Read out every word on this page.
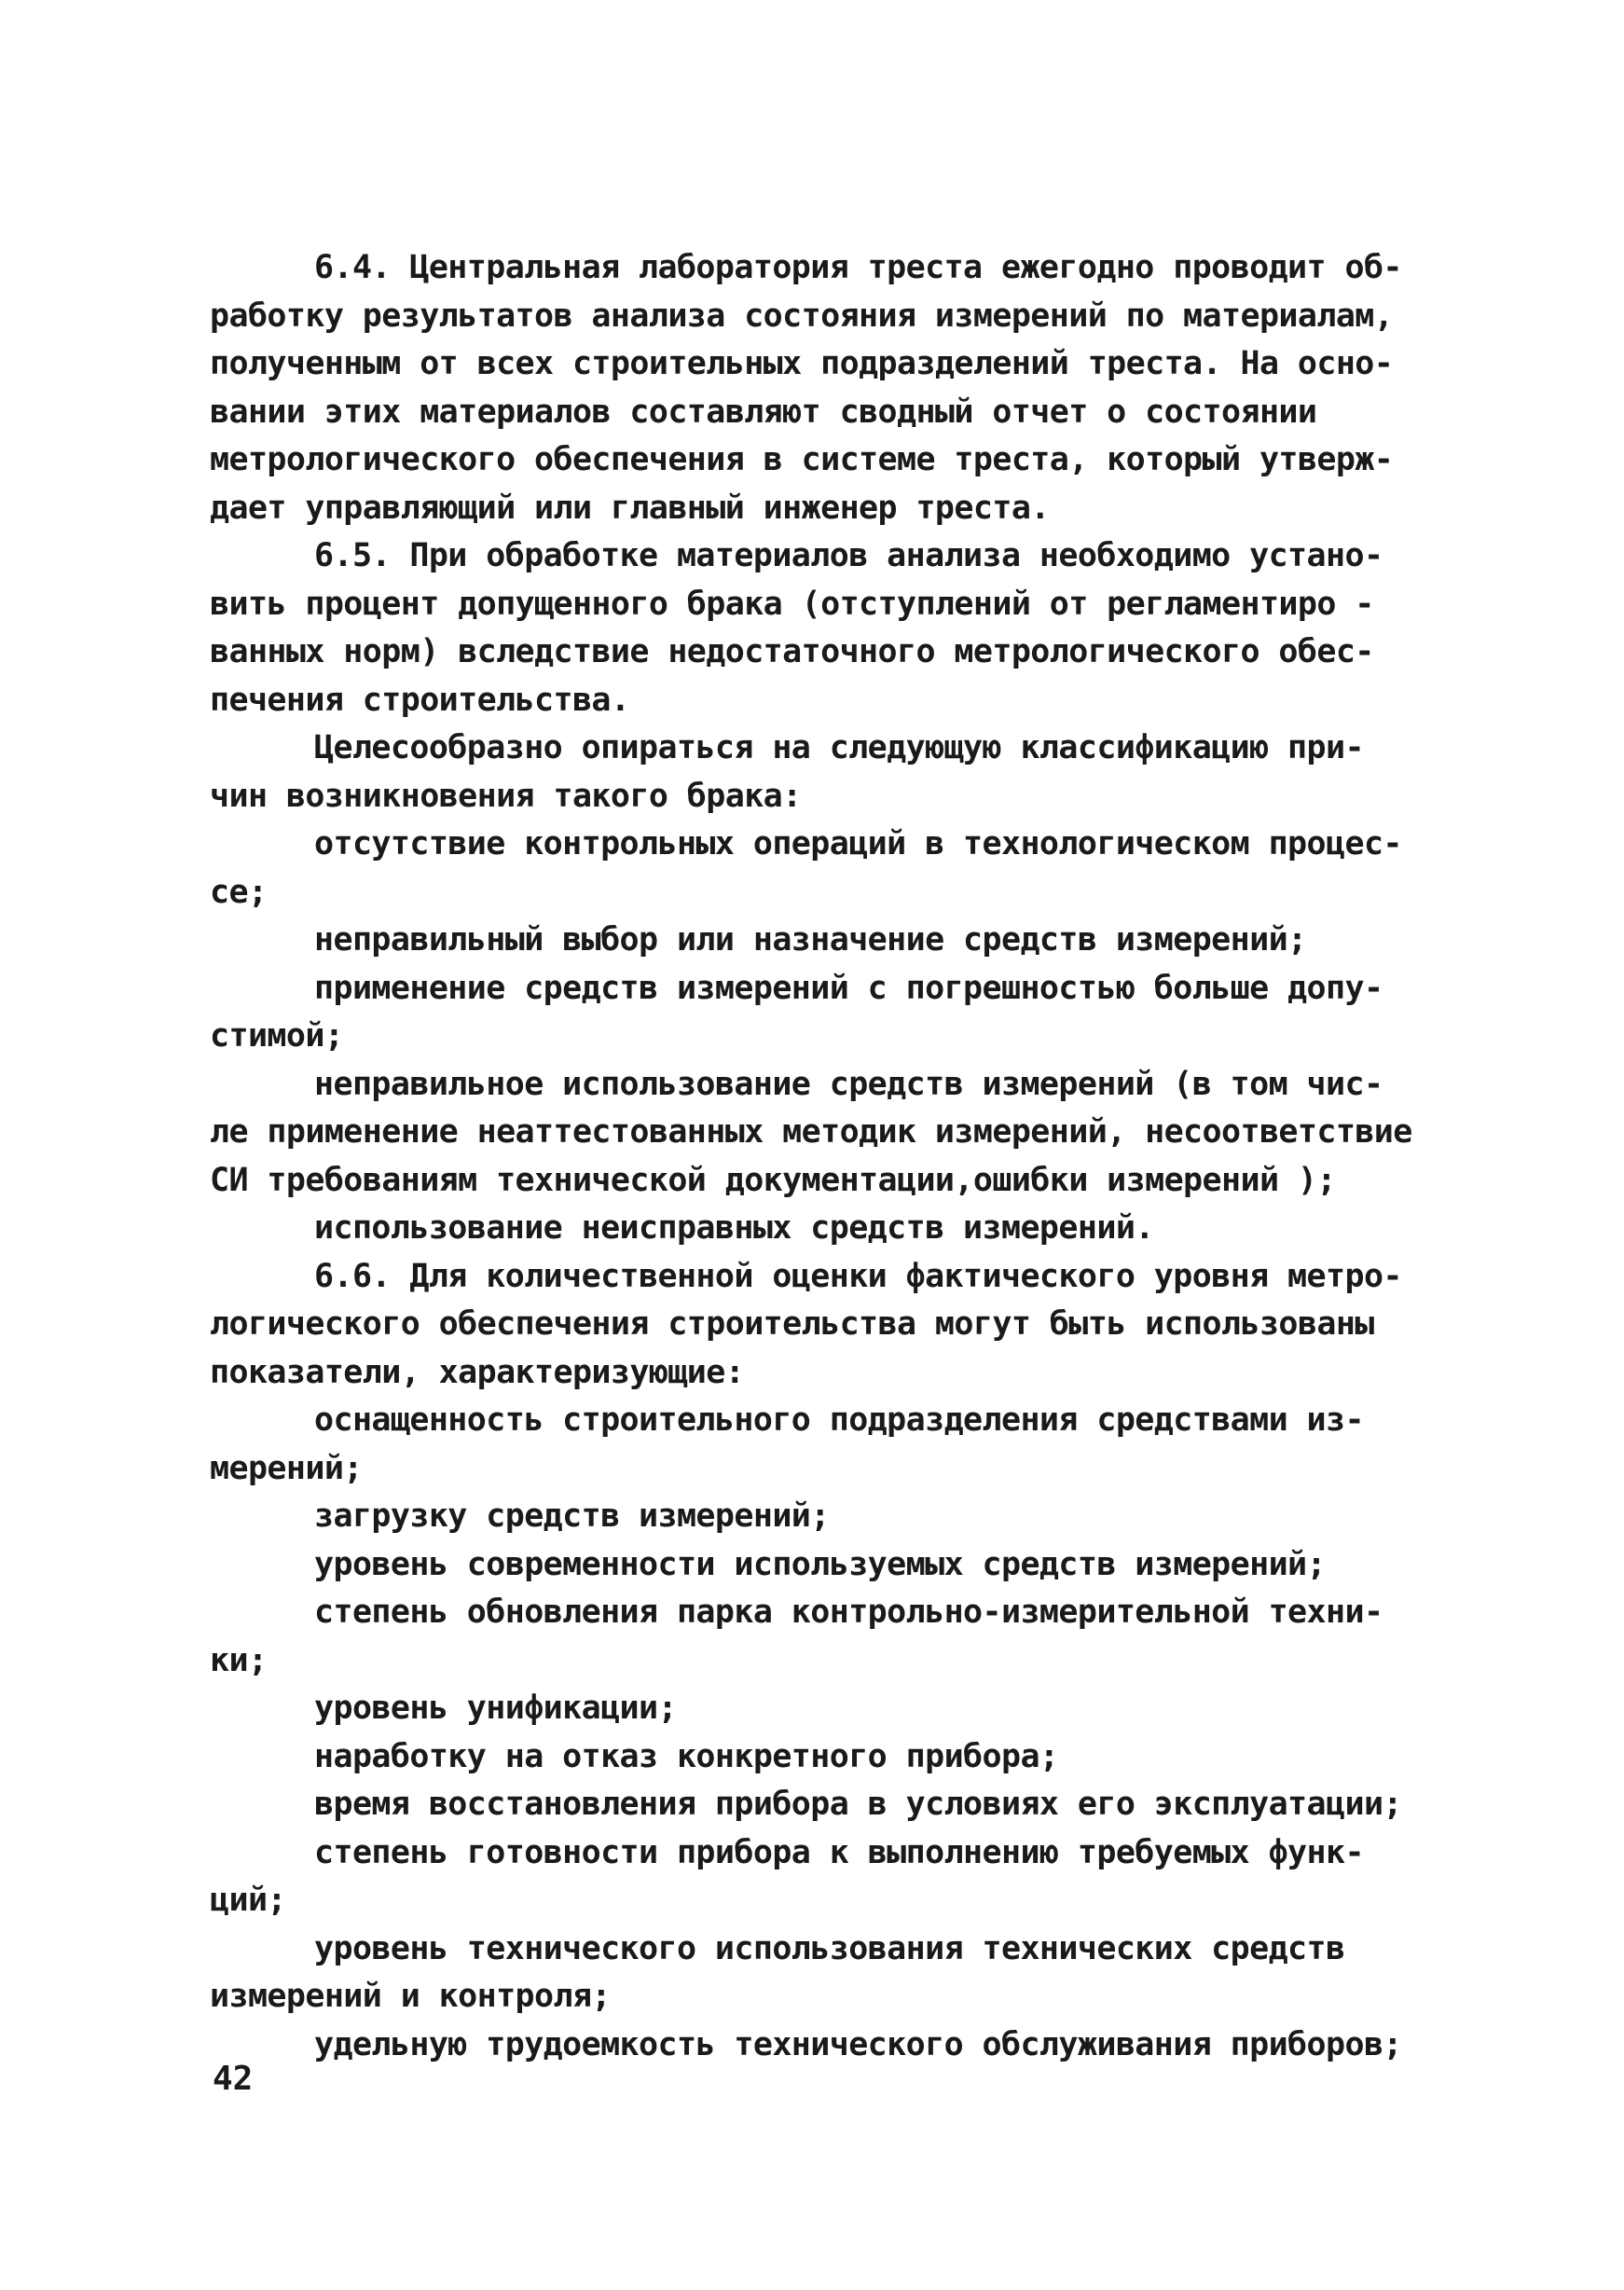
6.4. Центральная лаборатория треста ежегодно проводит об-
работку результатов анализа состояния измерений по материалам,
полученным от всех строительных подразделений треста. На осно-
вании этих материалов составляют сводный отчет о состоянии
метрологического обеспечения в системе треста, который утверж-
дает управляющий или главный инженер треста.
6.5. При обработке материалов анализа необходимо устано-
вить процент допущенного брака (отступлений от регламентиро -
ванных норм) вследствие недостаточного метрологического обес-
печения строительства.
Целесообразно опираться на следующую классификацию при-
чин возникновения такого брака:
отсутствие контрольных операций в технологическом процес-
се;
неправильный выбор или назначение средств измерений;
применение средств измерений с погрешностью больше допу-
стимой;
неправильное использование средств измерений (в том чис-
ле применение неаттестованных методик измерений, несоответствие
СИ требованиям технической документации,ошибки измерений );
использование неисправных средств измерений.
6.6. Для количественной оценки фактического уровня метро-
логического обеспечения строительства могут быть использованы
показатели, характеризующие:
оснащенность строительного подразделения средствами из-
мерений;
загрузку средств измерений;
уровень современности используемых средств измерений;
степень обновления парка контрольно-измерительной техни-
ки;
уровень унификации;
наработку на отказ конкретного прибора;
время восстановления прибора в условиях его эксплуатации;
степень готовности прибора к выполнению требуемых функ-
ций;
уровень технического использования технических средств
измерений и контроля;
удельную трудоемкость технического обслуживания приборов;
42
